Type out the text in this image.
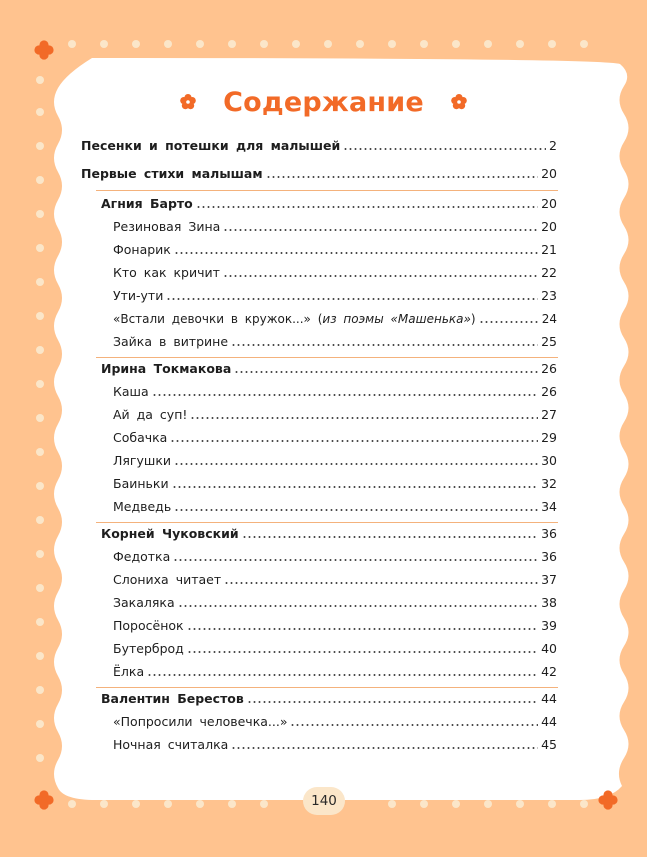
Содержание
Песенки и потешки для малышей	2
Первые стихи малышам	20
Агния Барто	20
Резиновая Зина	20
Фонарик	21
Кто как кричит	22
Ути-ути	23
«Встали девочки в кружок...» ( из поэмы «Машенька» )	24
Зайка в витрине	25
Ирина Токмакова	26
Каша	26
Ай да суп!	27
Собачка	29
Лягушки	30
Баиньки	32
Медведь	34
Корней Чуковский	36
Федотка	36
Слониха читает	37
Закаляка	38
Поросёнок	39
Бутерброд	40
Ёлка	42
Валентин Берестов	44
«Попросили человечка...»	44
Ночная считалка	45
140
